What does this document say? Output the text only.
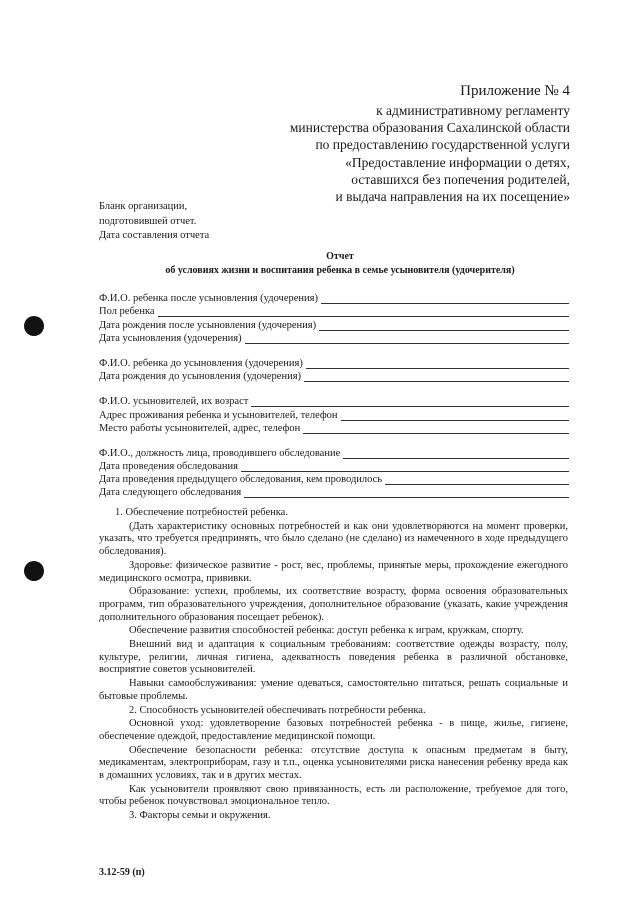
Приложение № 4
к административному регламенту
министерства образования Сахалинской области
по предоставлению государственной услуги
«Предоставление информации о детях,
оставшихся без попечения родителей,
и выдача направления на их посещение»
Бланк организации,
подготовившей отчет.
Дата составления отчета
Отчет
об условиях жизни и воспитания ребенка в семье усыновителя (удочерителя)
Ф.И.О. ребенка после усыновления (удочерения)
Пол ребенка
Дата рождения после усыновления (удочерения)
Дата усыновления (удочерения)
Ф.И.О. ребенка до усыновления (удочерения)
Дата рождения до усыновления (удочерения)
Ф.И.О. усыновителей, их возраст
Адрес проживания ребенка и усыновителей, телефон
Место работы усыновителей, адрес, телефон
Ф.И.О., должность лица, проводившего обследование
Дата проведения обследования
Дата проведения предыдущего обследования, кем проводилось
Дата следующего обследования

1. Обеспечение потребностей ребенка.

(Дать характеристику основных потребностей и как они удовлетворяются на момент проверки, указать, что требуется предпринять, что было сделано (не сделано) из намеченного в ходе предыдущего обследования).

Здоровье: физическое развитие - рост, вес, проблемы, принятые меры, прохождение ежегодного медицинского осмотра, прививки.

Образование: успехи, проблемы, их соответствие возрасту, форма освоения образовательных программ, тип образовательного учреждения, дополнительное образование (указать, какие учреждения дополнительного образования посещает ребенок).

Обеспечение развития способностей ребенка: доступ ребенка к играм, кружкам, спорту.

Внешний вид и адаптация к социальным требованиям: соответствие одежды возрасту, полу, культуре, религии, личная гигиена, адекватность поведения ребенка в различной обстановке, восприятие советов усыновителей.

Навыки самообслуживания: умение одеваться, самостоятельно питаться, решать социальные и бытовые проблемы.

2. Способность усыновителей обеспечивать потребности ребенка.

Основной уход: удовлетворение базовых потребностей ребенка - в пище, жилье, гигиене, обеспечение одеждой, предоставление медицинской помощи.

Обеспечение безопасности ребенка: отсутствие доступа к опасным предметам в быту, медикаментам, электроприборам, газу и т.п., оценка усыновителями риска нанесения ребенку вреда как в домашних условиях, так и в других местах.

Как усыновители проявляют свою привязанность, есть ли расположение, требуемое для того, чтобы ребенок почувствовал эмоциональное тепло.

3. Факторы семьи и окружения.

3.12-59 (п)
